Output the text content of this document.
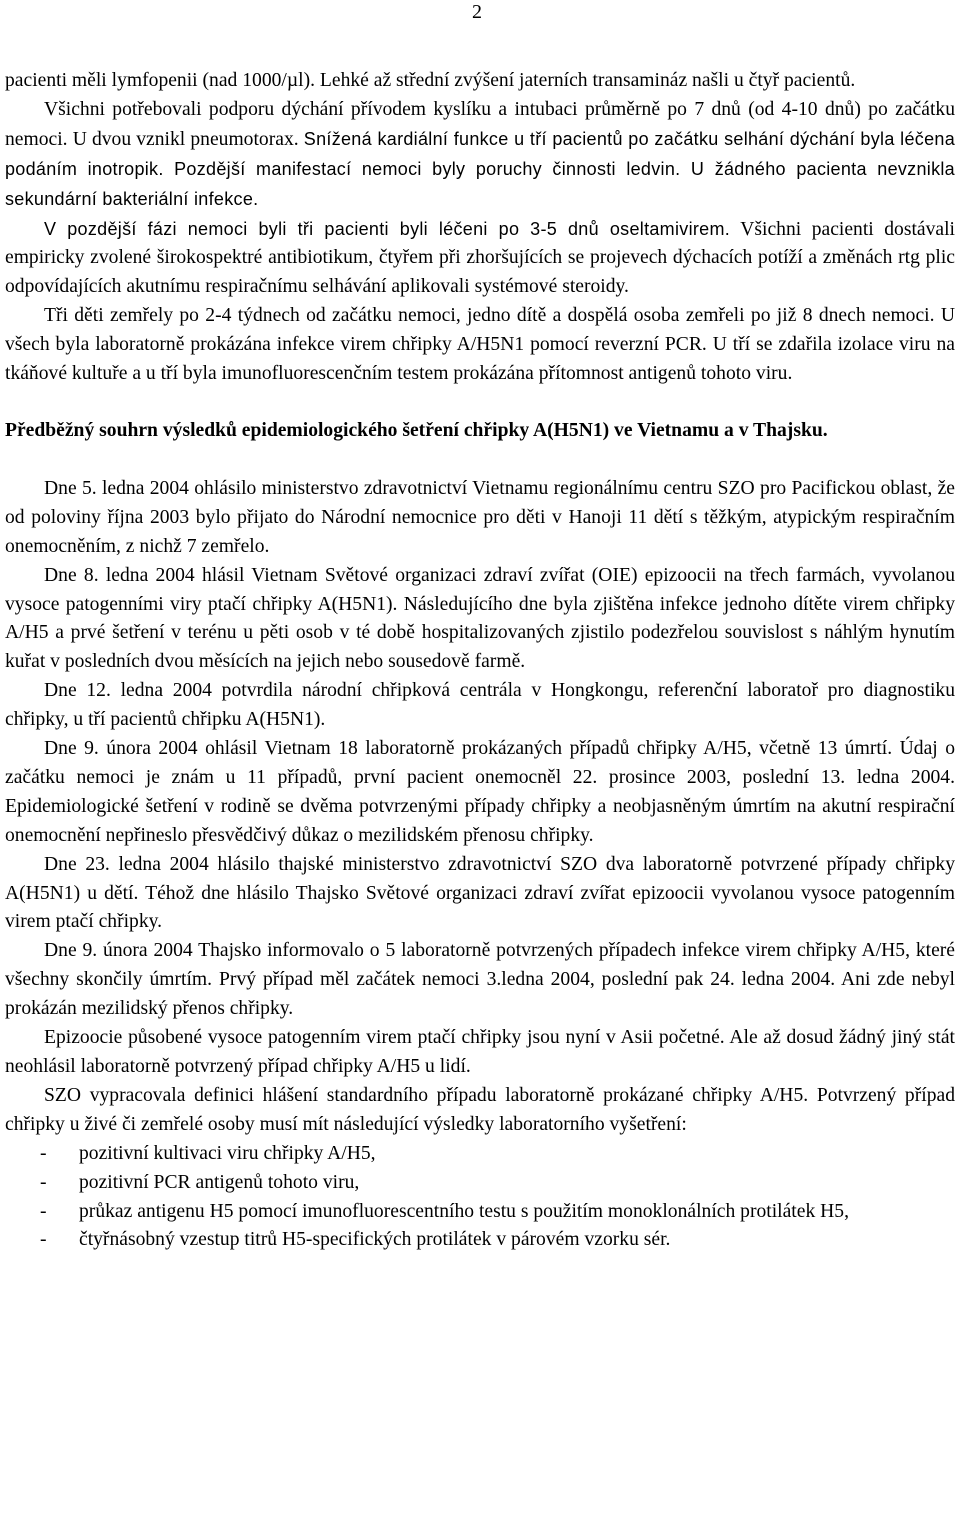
2

pacienti měli lymfopenii (nad 1000/µl). Lehké až střední zvýšení jaterních transamináz našli u čtyř pacientů.

Všichni potřebovali podporu dýchání přívodem kyslíku a intubaci průměrně po 7 dnů (od 4-10 dnů) po začátku nemoci. U dvou vznikl pneumotorax. Snížená kardiální funkce u tří pacientů po začátku selhání dýchání byla léčena podáním inotropik. Pozdější manifestací nemoci byly poruchy činnosti ledvin. U žádného pacienta nevznikla sekundární bakteriální infekce.

V pozdější fázi nemoci byli tři pacienti byli léčeni po 3-5 dnů oseltamivirem. Všichni pacienti dostávali empiricky zvolené širokospektré antibiotikum, čtyřem při zhoršujících se projevech dýchacích potíží a změnách rtg plic odpovídajících akutnímu respiračnímu selhávání aplikovali systémové steroidy.

Tři děti zemřely po 2-4 týdnech od začátku nemoci, jedno dítě a dospělá osoba zemřeli po již 8 dnech nemoci. U všech byla laboratorně prokázána infekce virem chřipky A/H5N1 pomocí reverzní PCR. U tří se zdařila izolace viru na tkáňové kultuře a u tří byla imunofluorescenčním testem prokázána přítomnost antigenů tohoto viru.

Předběžný souhrn výsledků epidemiologického šetření chřipky A(H5N1) ve Vietnamu a v Thajsku.

Dne 5. ledna 2004 ohlásilo ministerstvo zdravotnictví Vietnamu regionálnímu centru SZO pro Pacifickou oblast, že od poloviny října 2003 bylo přijato do Národní nemocnice pro děti v Hanoji 11 dětí s těžkým, atypickým respiračním onemocněním, z nichž 7 zemřelo.

Dne 8. ledna 2004 hlásil Vietnam Světové organizaci zdraví zvířat (OIE) epizoocii na třech farmách, vyvolanou vysoce patogenními viry ptačí chřipky A(H5N1). Následujícího dne byla zjištěna infekce jednoho dítěte virem chřipky A/H5 a prvé šetření v terénu u pěti osob v té době hospitalizovaných zjistilo podezřelou souvislost s náhlým hynutím kuřat v posledních dvou měsících na jejich nebo sousedově farmě.

Dne 12. ledna 2004 potvrdila národní chřipková centrála v Hongkongu, referenční laboratoř pro diagnostiku chřipky, u tří pacientů chřipku A(H5N1).

Dne 9. února 2004 ohlásil Vietnam 18 laboratorně prokázaných případů chřipky A/H5, včetně 13 úmrtí. Údaj o začátku nemoci je znám u 11 případů, první pacient onemocněl 22. prosince 2003, poslední 13. ledna 2004. Epidemiologické šetření v rodině se dvěma potvrzenými případy chřipky a neobjasněným úmrtím na akutní respirační onemocnění nepřineslo přesvědčivý důkaz o mezilidském přenosu chřipky.

Dne 23. ledna 2004 hlásilo thajské ministerstvo zdravotnictví SZO dva laboratorně potvrzené případy chřipky A(H5N1) u dětí. Téhož dne hlásilo Thajsko Světové organizaci zdraví zvířat epizoocii vyvolanou vysoce patogenním virem ptačí chřipky.

Dne 9. února 2004 Thajsko informovalo o 5 laboratorně potvrzených případech infekce virem chřipky A/H5, které všechny skončily úmrtím. Prvý případ měl začátek nemoci 3.ledna 2004, poslední pak 24. ledna 2004. Ani zde nebyl prokázán mezilidský přenos chřipky.

Epizoocie působené vysoce patogenním virem ptačí chřipky jsou nyní v Asii početné. Ale až dosud žádný jiný stát neohlásil laboratorně potvrzený případ chřipky A/H5 u lidí.

SZO vypracovala definici hlášení standardního případu laboratorně prokázané chřipky A/H5. Potvrzený případ chřipky u živé či zemřelé osoby musí mít následující výsledky laboratorního vyšetření:

- pozitivní kultivaci viru chřipky A/H5,
- pozitivní PCR antigenů tohoto viru,
- průkaz antigenu H5 pomocí imunofluorescentního testu s použitím monoklonálních protilátek H5,
- čtyřnásobný vzestup titrů H5-specifických protilátek v párovém vzorku sér.
